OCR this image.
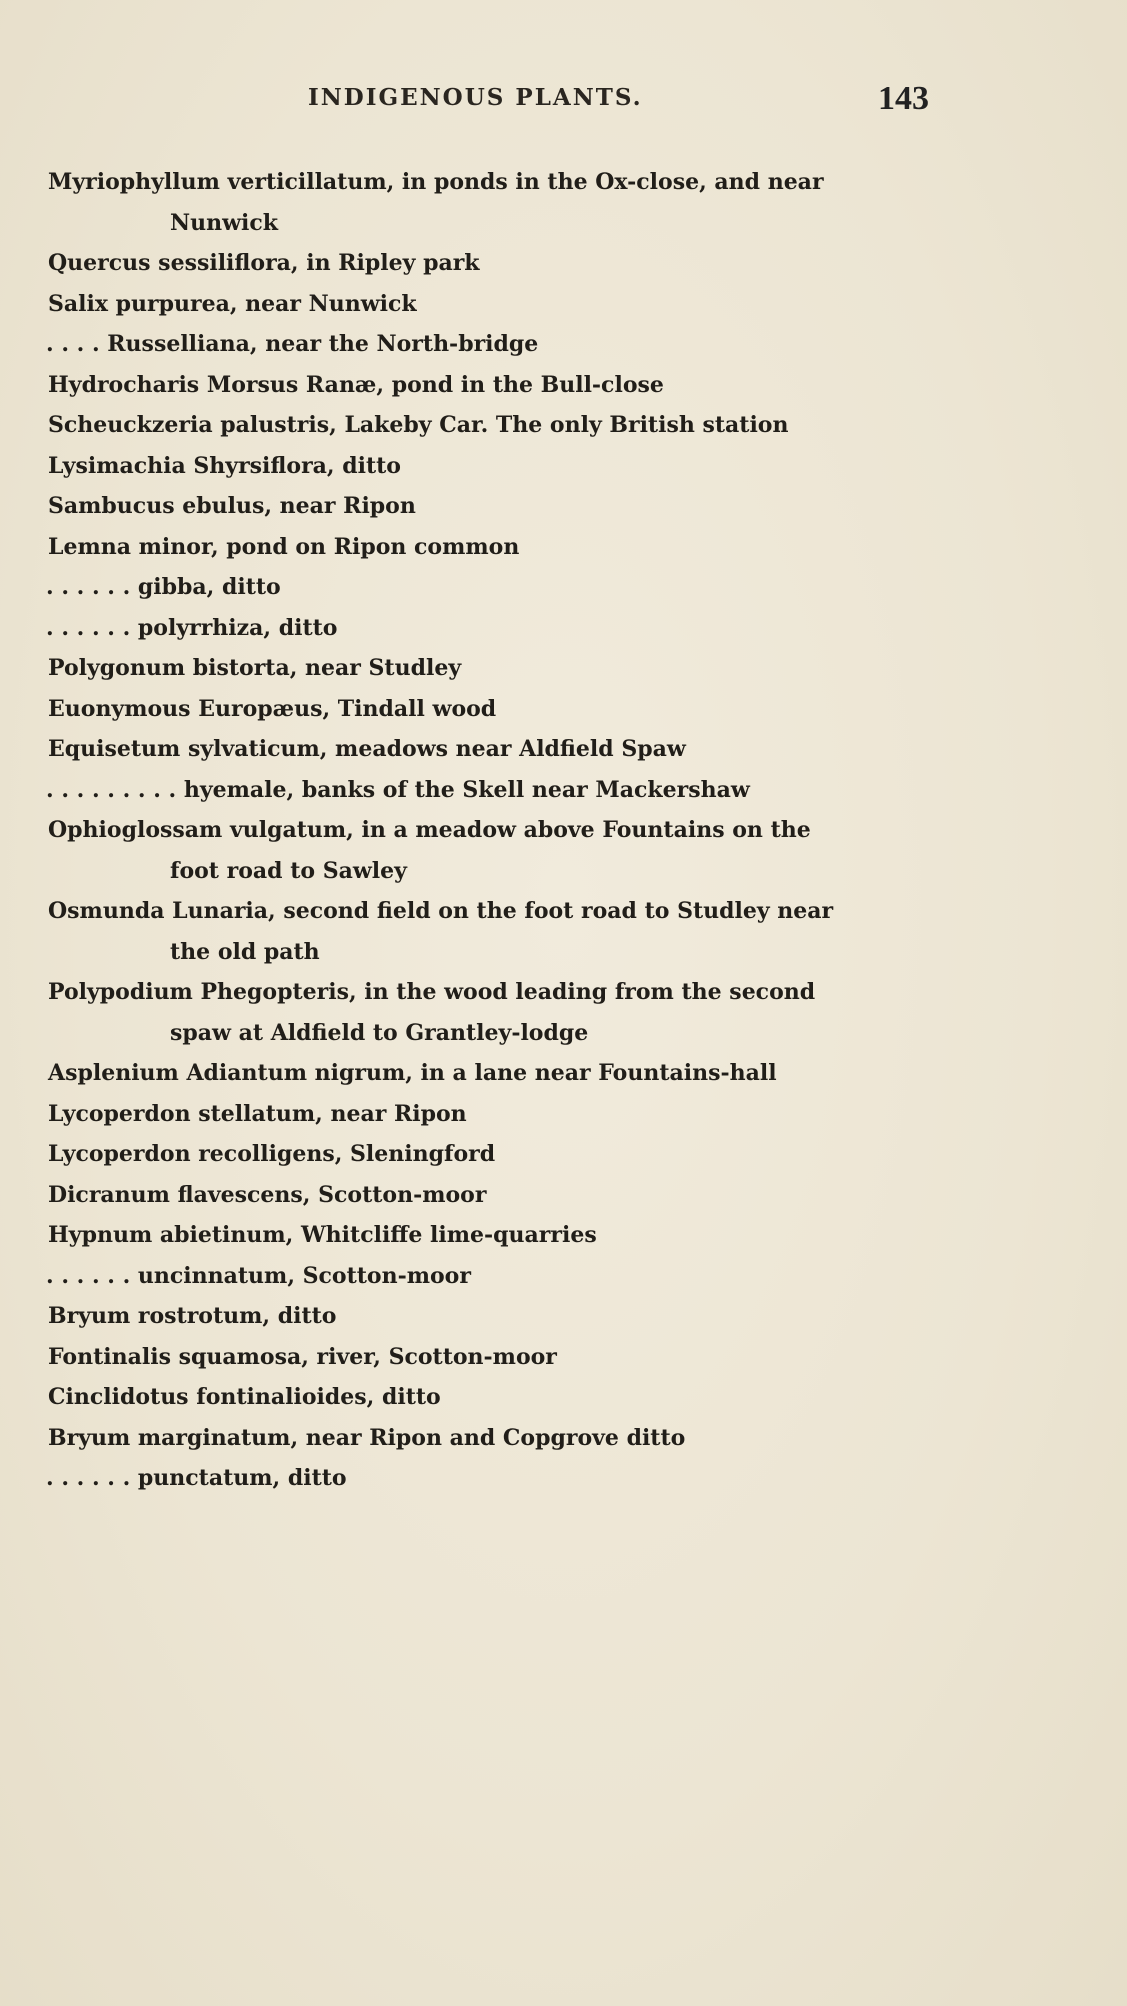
INDIGENOUS PLANTS.	143
Myriophyllum verticillatum, in ponds in the Ox-close, and near
Nunwick
Quercus sessiliflora, in Ripley park
Salix purpurea, near Nunwick
. . . . Russelliana, near the North-bridge
Hydrocharis Morsus Ranæ, pond in the Bull-close
Scheuckzeria palustris, Lakeby Car. The only British station
Lysimachia Shyrsiflora, ditto
Sambucus ebulus, near Ripon
Lemna minor, pond on Ripon common
. . . . . . gibba, ditto
. . . . . . polyrrhiza, ditto
Polygonum bistorta, near Studley
Euonymous Europæus, Tindall wood
Equisetum sylvaticum, meadows near Aldfield Spaw
. . . . . . . . . hyemale, banks of the Skell near Mackershaw
Ophioglossam vulgatum, in a meadow above Fountains on the
foot road to Sawley
Osmunda Lunaria, second field on the foot road to Studley near
the old path
Polypodium Phegopteris, in the wood leading from the second
spaw at Aldfield to Grantley-lodge
Asplenium Adiantum nigrum, in a lane near Fountains-hall
Lycoperdon stellatum, near Ripon
Lycoperdon recolligens, Sleningford
Dicranum flavescens, Scotton-moor
Hypnum abietinum, Whitcliffe lime-quarries
. . . . . . uncinnatum, Scotton-moor
Bryum rostrotum, ditto
Fontinalis squamosa, river, Scotton-moor
Cinclidotus fontinalioides, ditto
Bryum marginatum, near Ripon and Copgrove ditto
. . . . . . punctatum, ditto
